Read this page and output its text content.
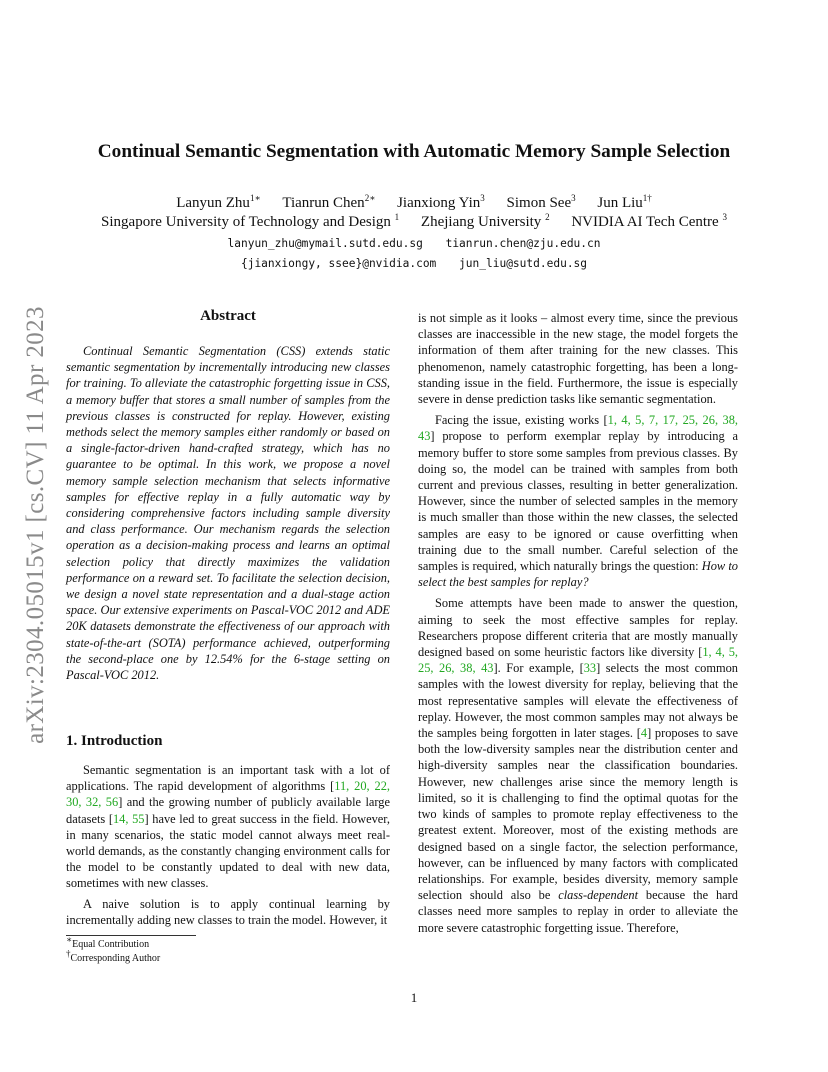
arXiv:2304.05015v1 [cs.CV] 11 Apr 2023
Continual Semantic Segmentation with Automatic Memory Sample Selection
Lanyun Zhu$^{1∗}$ Tianrun Chen$^{2∗}$ Jianxiong Yin$^3$ Simon See$^3$ Jun Liu$^{1\dagger}$
Singapore University of Technology and Design $^1$ Zhejiang University $^2$ NVIDIA AI Tech Centre $^3$
lanyun_zhu@mymail.sutd.edu.sg tianrun.chen@zju.edu.cn
{jianxiongy, ssee}@nvidia.com jun_liu@sutd.edu.sg
Abstract

Continual Semantic Segmentation (CSS) extends static semantic segmentation by incrementally introducing new classes for training. To alleviate the catastrophic forgetting issue in CSS, a memory buffer that stores a small number of samples from the previous classes is constructed for replay. However, existing methods select the memory samples either randomly or based on a single-factor-driven hand-crafted strategy, which has no guarantee to be optimal. In this work, we propose a novel memory sample selection mechanism that selects informative samples for effective replay in a fully automatic way by considering comprehensive factors including sample diversity and class performance. Our mechanism regards the selection operation as a decision-making process and learns an optimal selection policy that directly maximizes the validation performance on a reward set. To facilitate the selection decision, we design a novel state representation and a dual-stage action space. Our extensive experiments on Pascal-VOC 2012 and ADE 20K datasets demonstrate the effectiveness of our approach with state-of-the-art (SOTA) performance achieved, outperforming the second-place one by 12.54% for the 6-stage setting on Pascal-VOC 2012.

1. Introduction

Semantic segmentation is an important task with a lot of applications. The rapid development of algorithms [11, 20, 22, 30, 32, 56] and the growing number of publicly available large datasets [14, 55] have led to great success in the field. However, in many scenarios, the static model cannot always meet real-world demands, as the constantly changing environment calls for the model to be constantly updated to deal with new data, sometimes with new classes.

A naive solution is to apply continual learning by incrementally adding new classes to train the model. However, it

is not simple as it looks – almost every time, since the previous classes are inaccessible in the new stage, the model forgets the information of them after training for the new classes. This phenomenon, namely catastrophic forgetting, has been a long-standing issue in the field. Furthermore, the issue is especially severe in dense prediction tasks like semantic segmentation.

Facing the issue, existing works [1, 4, 5, 7, 17, 25, 26, 38, 43] propose to perform exemplar replay by introducing a memory buffer to store some samples from previous classes. By doing so, the model can be trained with samples from both current and previous classes, resulting in better generalization. However, since the number of selected samples in the memory is much smaller than those within the new classes, the selected samples are easy to be ignored or cause overfitting when training due to the small number. Careful selection of the samples is required, which naturally brings the question: How to select the best samples for replay?

Some attempts have been made to answer the question, aiming to seek the most effective samples for replay. Researchers propose different criteria that are mostly manually designed based on some heuristic factors like diversity [1, 4, 5, 25, 26, 38, 43]. For example, [33] selects the most common samples with the lowest diversity for replay, believing that the most representative samples will elevate the effectiveness of replay. However, the most common samples may not always be the samples being forgotten in later stages. [4] proposes to save both the low-diversity samples near the distribution center and high-diversity samples near the classification boundaries. However, new challenges arise since the memory length is limited, so it is challenging to find the optimal quotas for the two kinds of samples to promote replay effectiveness to the greatest extent. Moreover, most of the existing methods are designed based on a single factor, the selection performance, however, can be influenced by many factors with complicated relationships. For example, besides diversity, memory sample selection should also be class-dependent because the hard classes need more samples to replay in order to alleviate the more severe catastrophic forgetting issue. Therefore,

∗Equal Contribution
†Corresponding Author
1
